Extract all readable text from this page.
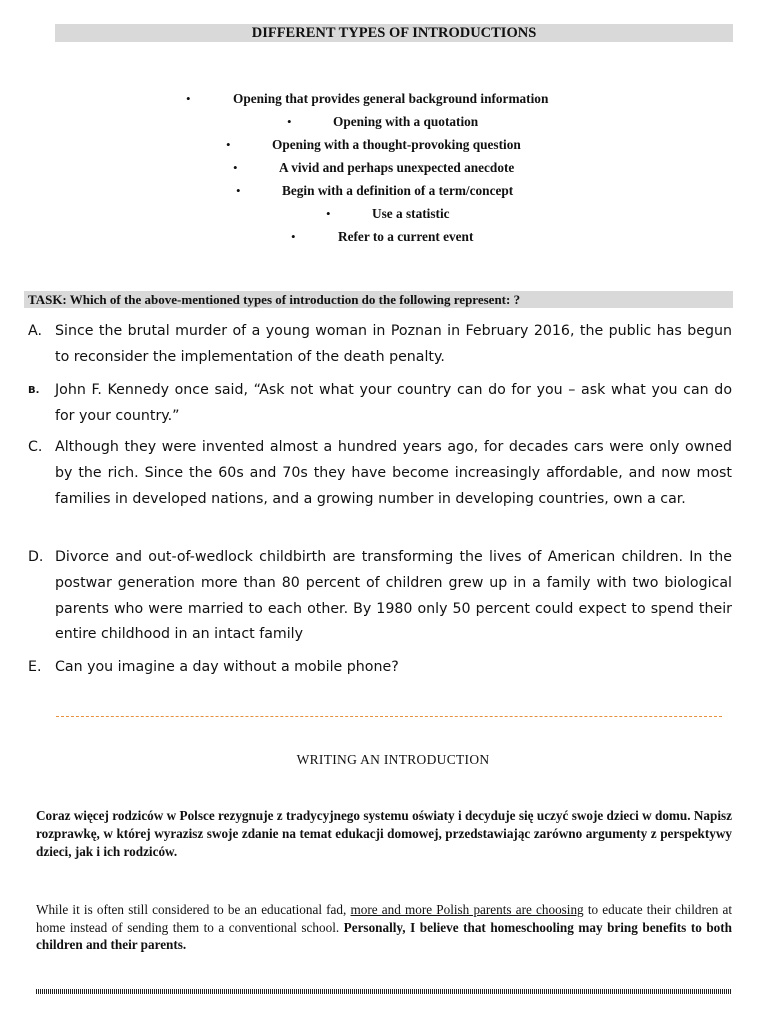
DIFFERENT TYPES OF INTRODUCTIONS
•	Opening that provides general background information
•	Opening with a quotation
•	Opening with a thought-provoking question
•	A vivid and perhaps unexpected anecdote
•	Begin with a definition of a term/concept
•	Use a statistic
•	Refer to a current event
TASK: Which of the above-mentioned types of introduction do the following represent: ?
A. Since the brutal murder of a young woman in Poznan in February 2016, the public has begun to reconsider the implementation of the death penalty.
B. John F. Kennedy once said, “Ask not what your country can do for you – ask what you can do for your country.”
C. Although they were invented almost a hundred years ago, for decades cars were only owned by the rich. Since the 60s and 70s they have become increasingly affordable, and now most families in developed nations, and a growing number in developing countries, own a car.
D. Divorce and out-of-wedlock childbirth are transforming the lives of American children. In the postwar generation more than 80 percent of children grew up in a family with two biological parents who were married to each other. By 1980 only 50 percent could expect to spend their entire childhood in an intact family
E. Can you imagine a day without a mobile phone?
WRITING AN INTRODUCTION
Coraz więcej rodziców w Polsce rezygnuje z tradycyjnego systemu oświaty i decyduje się uczyć swoje dzieci w domu. Napisz rozprawkę, w której wyrazisz swoje zdanie na temat edukacji domowej, przedstawiając zarówno argumenty z perspektywy dzieci, jak i ich rodziców.
While it is often still considered to be an educational fad, more and more Polish parents are choosing to educate their children at home instead of sending them to a conventional school. Personally, I believe that homeschooling may bring benefits to both children and their parents.
